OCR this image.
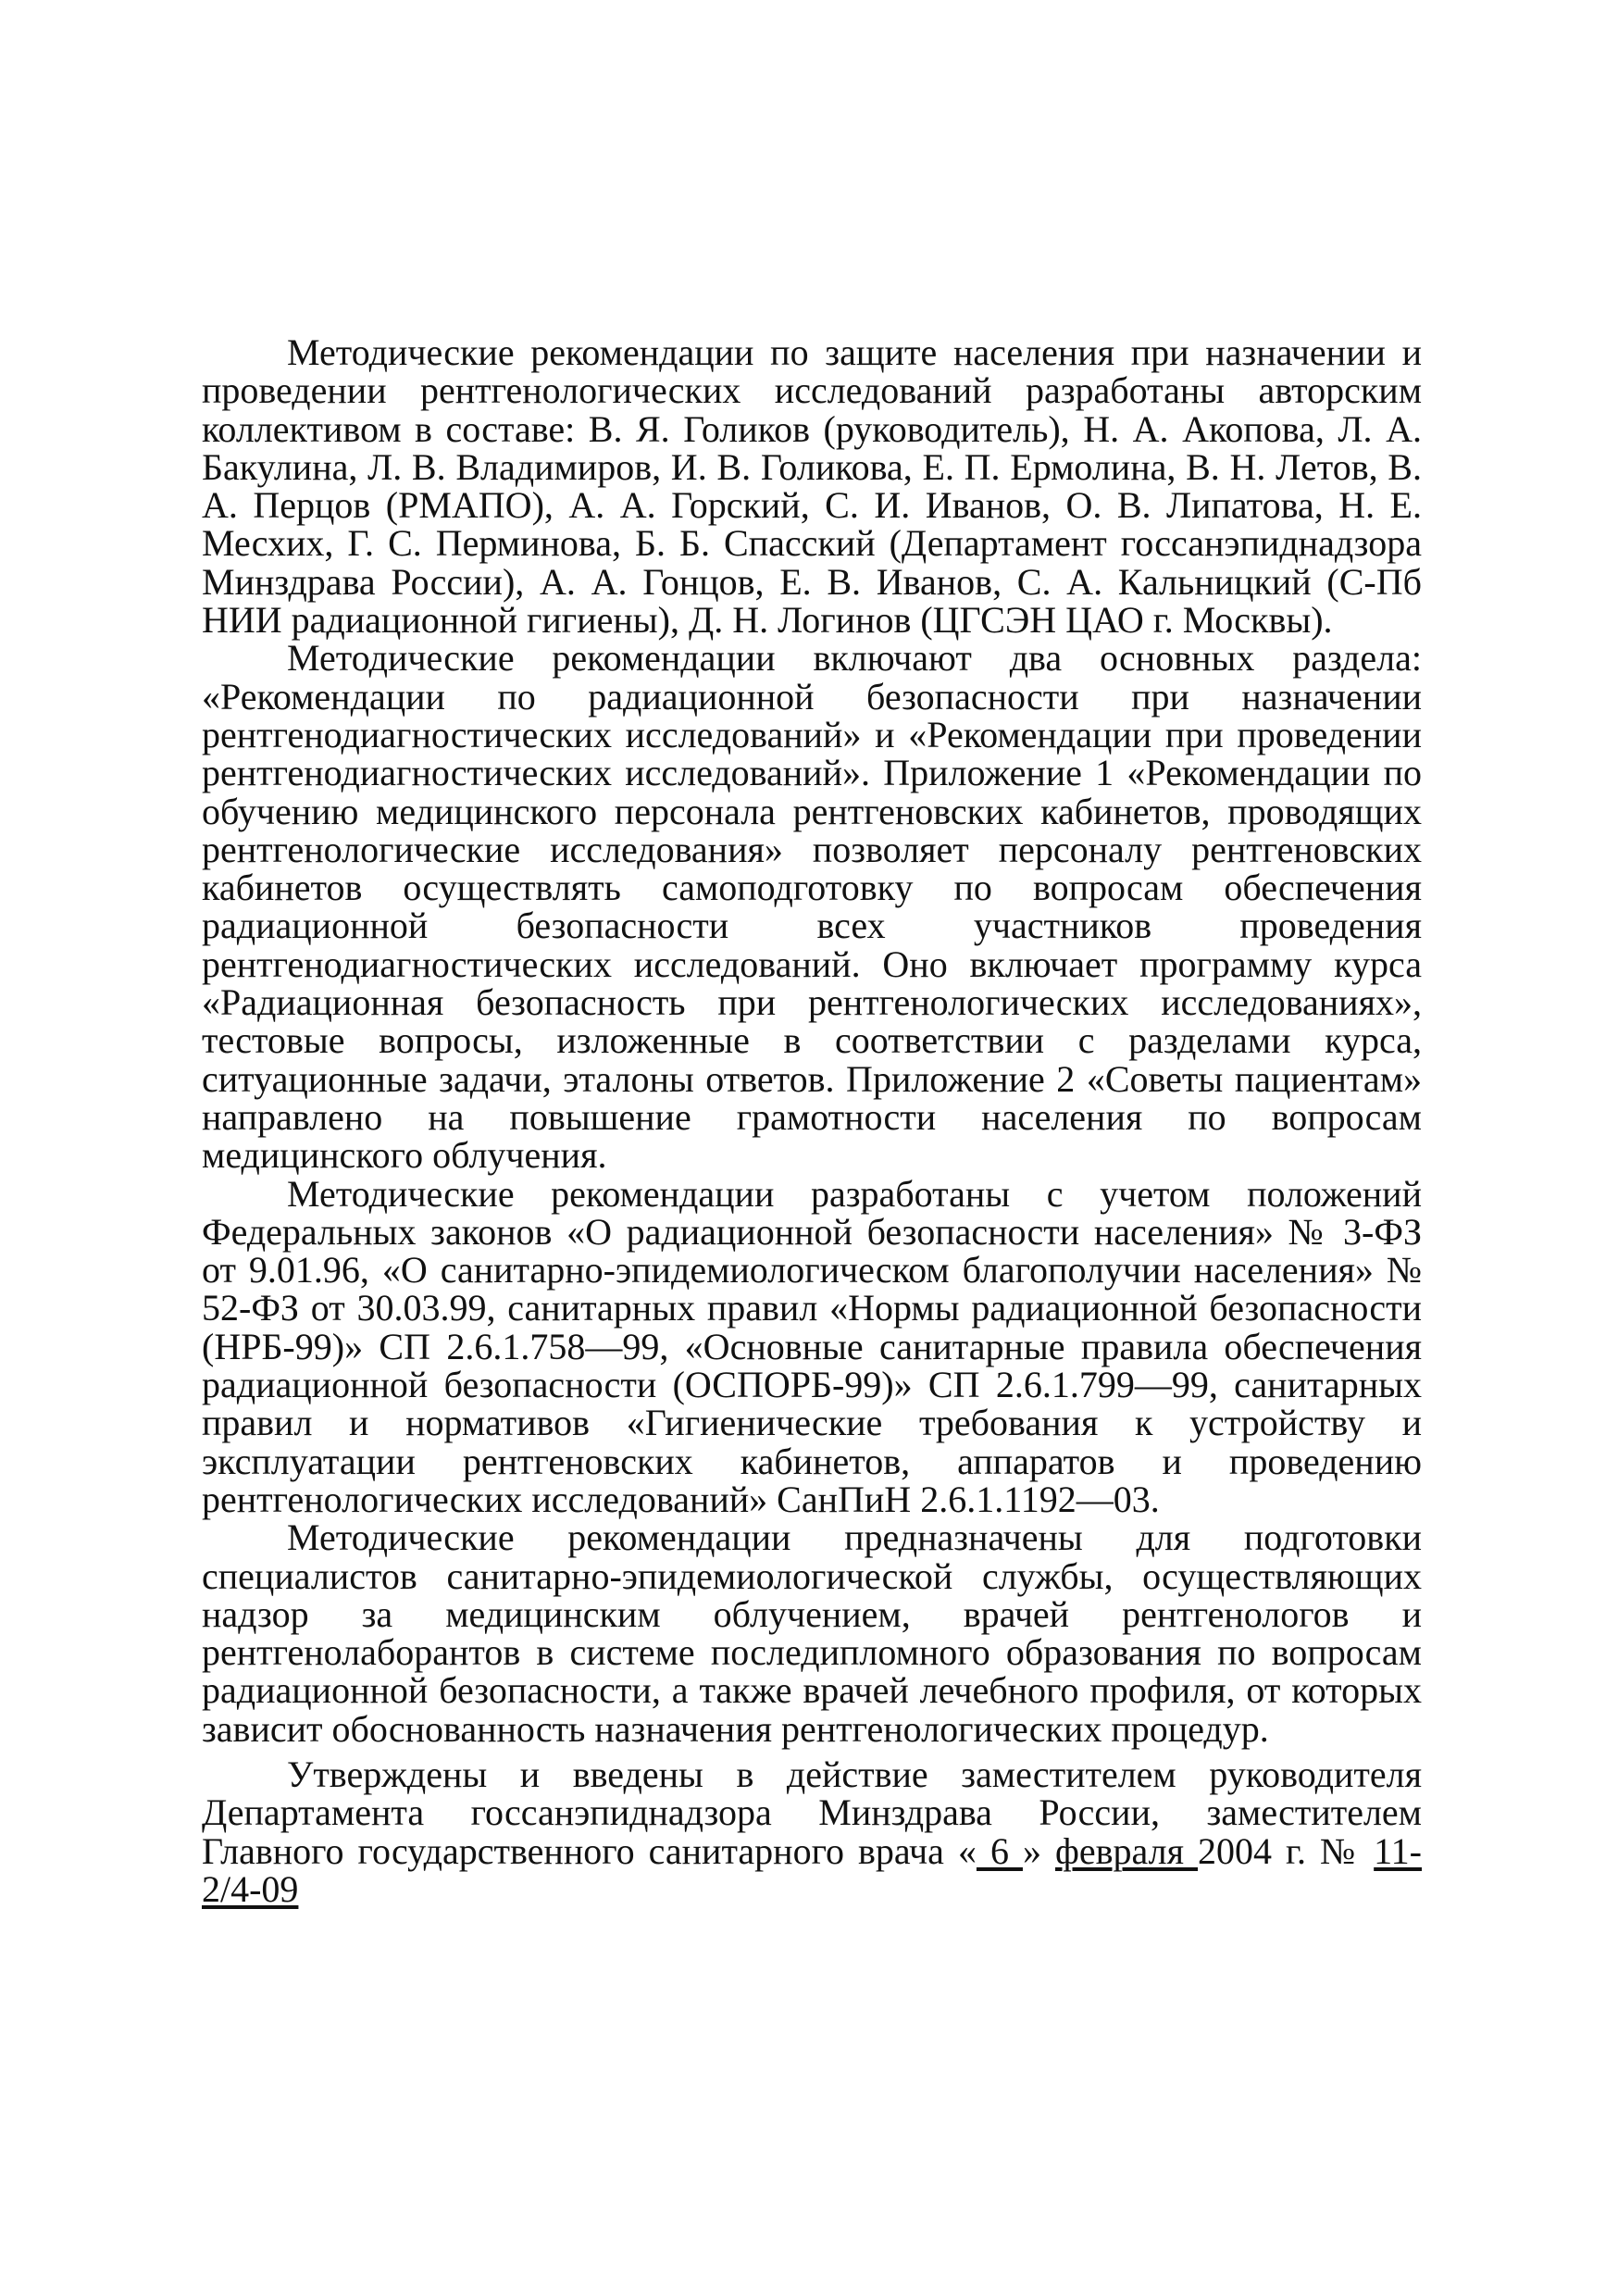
Методические рекомендации по защите населения при назначении и проведении рентгенологических исследований разработаны авторским коллективом в составе: В. Я. Голиков (руководитель), Н. А. Акопова, Л. А. Бакулина, Л. В. Владимиров, И. В. Голикова, Е. П. Ермолина, В. Н. Летов, В. А. Перцов (РМАПО), А. А. Горский, С. И. Иванов, О. В. Липатова, Н. Е. Месхих, Г. С. Перминова, Б. Б. Спасский (Департамент госсанэпиднадзора Минздрава России), А. А. Гонцов, Е. В. Иванов, С. А. Кальницкий (С-Пб НИИ радиационной гигиены), Д. Н. Логинов (ЦГСЭН ЦАО г. Москвы).

Методические рекомендации включают два основных раздела: «Рекомендации по радиационной безопасности при назначении рентгенодиагностических исследований» и «Рекомендации при проведении рентгенодиагностических исследований». Приложение 1 «Рекомендации по обучению медицинского персонала рентгеновских кабинетов, проводящих рентгенологические исследования» позволяет персоналу рентгеновских кабинетов осуществлять самоподготовку по вопросам обеспечения радиационной безопасности всех участников проведения рентгенодиагностических исследований. Оно включает программу курса «Радиационная безопасность при рентгенологических исследованиях», тестовые вопросы, изложенные в соответствии с разделами курса, ситуационные задачи, эталоны ответов. Приложение 2 «Советы пациентам» направлено на повышение грамотности населения по вопросам медицинского облучения.

Методические рекомендации разработаны с учетом положений Федеральных законов «О радиационной безопасности населения» № 3-ФЗ от 9.01.96, «О санитарно-эпидемиологическом благополучии населения» № 52-ФЗ от 30.03.99, санитарных правил «Нормы радиационной безопасности (НРБ-99)» СП 2.6.1.758—99, «Основные санитарные правила обеспечения радиационной безопасности (ОСПОРБ-99)» СП 2.6.1.799—99, санитарных правил и нормативов «Гигиенические требования к устройству и эксплуатации рентгеновских кабинетов, аппаратов и проведению рентгенологических исследований» СанПиН 2.6.1.1192—03.

Методические рекомендации предназначены для подготовки специалистов санитарно-эпидемиологической службы, осуществляющих надзор за медицинским облучением, врачей рентгенологов и рентгенолаборантов в системе последипломного образования по вопросам радиационной безопасности, а также врачей лечебного профиля, от которых зависит обоснованность назначения рентгенологических процедур.

Утверждены и введены в действие заместителем руководителя Департамента госсанэпиднадзора Минздрава России, заместителем Главного государственного санитарного врача « 6 » февраля 2004 г. № 11-2/4-09
